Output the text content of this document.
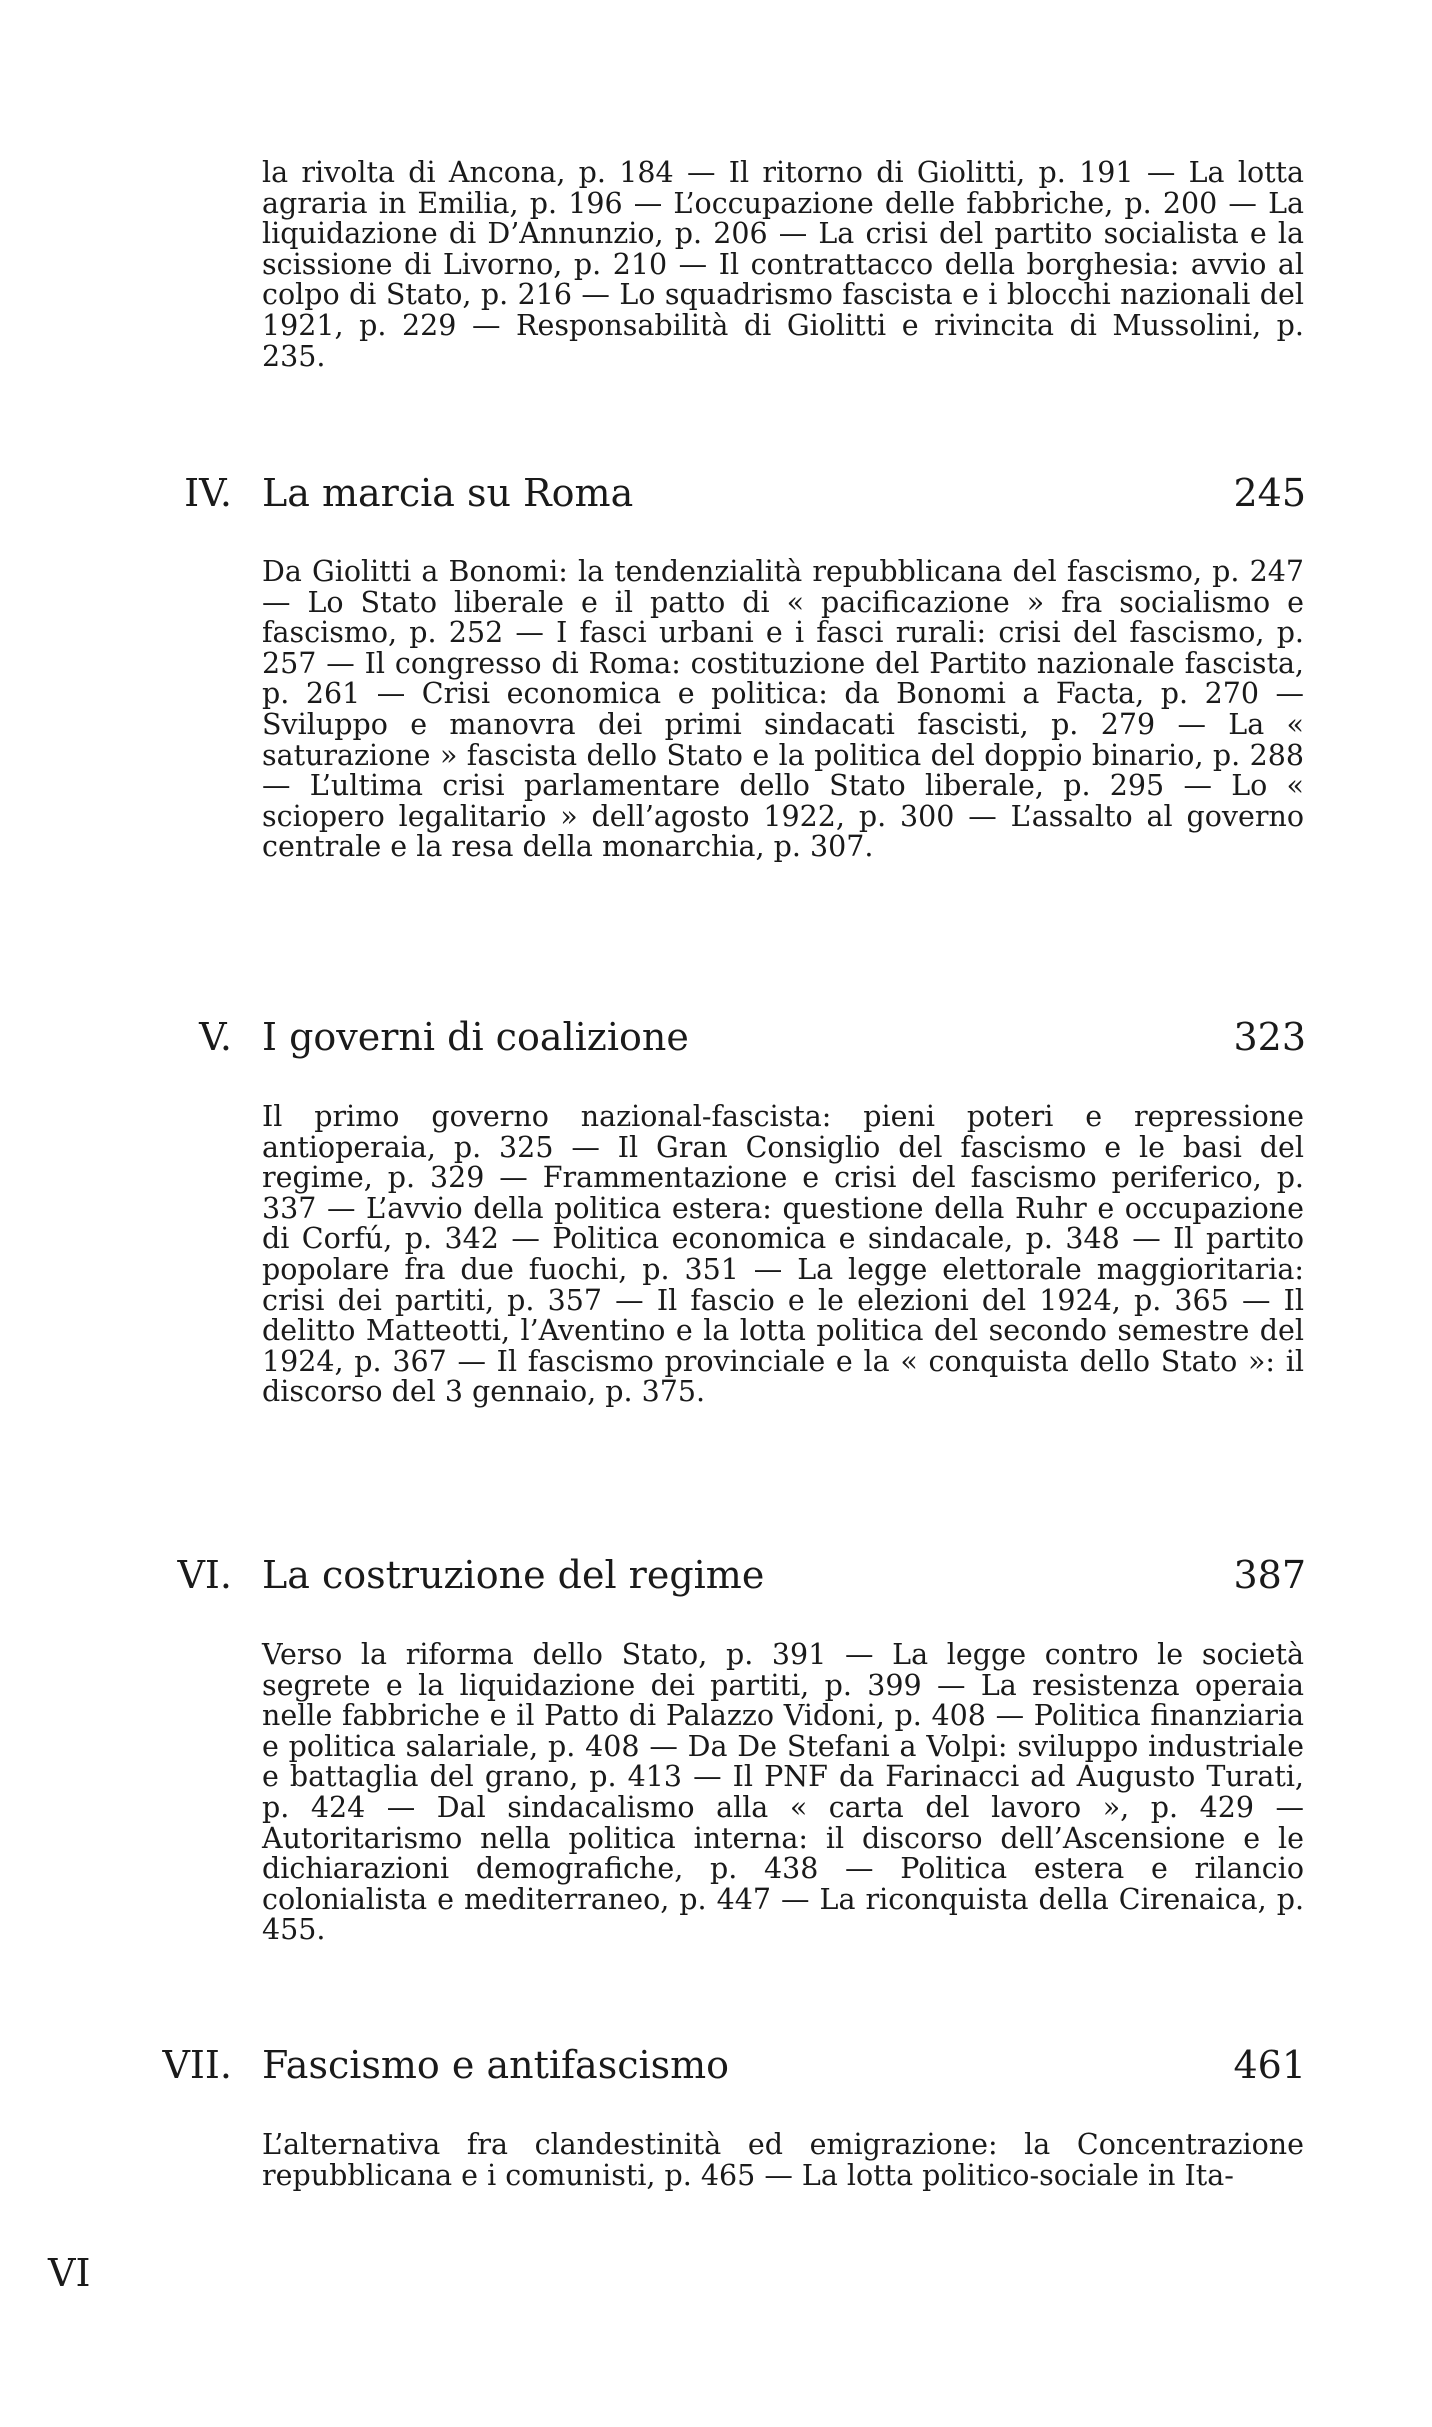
la rivolta di Ancona, p. 184 — Il ritorno di Giolitti, p. 191 — La lotta agraria in Emilia, p. 196 — L’occupazione delle fabbriche, p. 200 — La liquidazione di D’Annunzio, p. 206 — La crisi del partito socialista e la scissione di Livorno, p. 210 — Il contrattacco della borghesia: avvio al colpo di Stato, p. 216 — Lo squadrismo fascista e i blocchi nazionali del 1921, p. 229 — Responsabilità di Giolitti e rivincita di Mussolini, p. 235.

IV. La marcia su Roma	245

Da Giolitti a Bonomi: la tendenzialità repubblicana del fascismo, p. 247 — Lo Stato liberale e il patto di « pacificazione » fra socialismo e fascismo, p. 252 — I fasci urbani e i fasci rurali: crisi del fascismo, p. 257 — Il congresso di Roma: costituzione del Partito nazionale fascista, p. 261 — Crisi economica e politica: da Bonomi a Facta, p. 270 — Sviluppo e manovra dei primi sindacati fascisti, p. 279 — La « saturazione » fascista dello Stato e la politica del doppio binario, p. 288 — L’ultima crisi parlamentare dello Stato liberale, p. 295 — Lo « sciopero legalitario » dell’agosto 1922, p. 300 — L’assalto al governo centrale e la resa della monarchia, p. 307.

V. I governi di coalizione	323

Il primo governo nazional-fascista: pieni poteri e repressione antioperaia, p. 325 — Il Gran Consiglio del fascismo e le basi del regime, p. 329 — Frammentazione e crisi del fascismo periferico, p. 337 — L’avvio della politica estera: questione della Ruhr e occupazione di Corfú, p. 342 — Politica economica e sindacale, p. 348 — Il partito popolare fra due fuochi, p. 351 — La legge elettorale maggioritaria: crisi dei partiti, p. 357 — Il fascio e le elezioni del 1924, p. 365 — Il delitto Matteotti, l’Aventino e la lotta politica del secondo semestre del 1924, p. 367 — Il fascismo provinciale e la « conquista dello Stato »: il discorso del 3 gennaio, p. 375.

VI. La costruzione del regime	387

Verso la riforma dello Stato, p. 391 — La legge contro le società segrete e la liquidazione dei partiti, p. 399 — La resistenza operaia nelle fabbriche e il Patto di Palazzo Vidoni, p. 408 — Politica finanziaria e politica salariale, p. 408 — Da De Stefani a Volpi: sviluppo industriale e battaglia del grano, p. 413 — Il PNF da Farinacci ad Augusto Turati, p. 424 — Dal sindacalismo alla « carta del lavoro », p. 429 — Autoritarismo nella politica interna: il discorso dell’Ascensione e le dichiarazioni demografiche, p. 438 — Politica estera e rilancio colonialista e mediterraneo, p. 447 — La riconquista della Cirenaica, p. 455.

VII. Fascismo e antifascismo	461

L’alternativa fra clandestinità ed emigrazione: la Concentrazione repubblicana e i comunisti, p. 465 — La lotta politico-sociale in Ita-

VI
